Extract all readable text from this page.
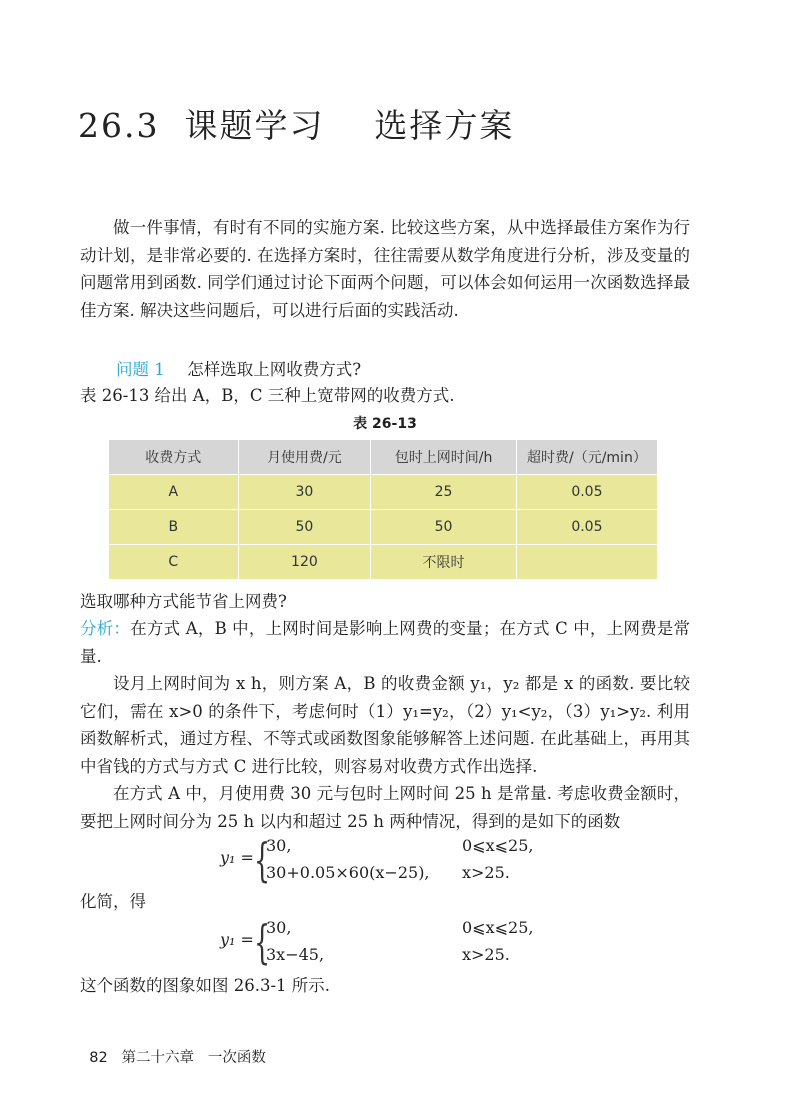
26.3  课题学习    选择方案

做一件事情，有时有不同的实施方案. 比较这些方案，从中选择最佳方案作为行动计划，是非常必要的. 在选择方案时，往往需要从数学角度进行分析，涉及变量的问题常用到函数. 同学们通过讨论下面两个问题，可以体会如何运用一次函数选择最佳方案. 解决这些问题后，可以进行后面的实践活动.

问题 1 怎样选取上网收费方式?
表 26-13 给出 A，B，C 三种上宽带网的收费方式.
表 26-13
收费方式	月使用费/元	包时上网时间/h	超时费/（元/min）
A	30	25	0.05
B	50	50	0.05
C	120	不限时	
选取哪种方式能节省上网费?

分析：在方式 A，B 中，上网时间是影响上网费的变量；在方式 C 中，上网费是常量.

设月上网时间为 x h，则方案 A，B 的收费金额 y₁，y₂ 都是 x 的函数. 要比较它们，需在 x>0 的条件下，考虑何时（1）y₁=y₂，（2）y₁<y₂，（3）y₁>y₂. 利用函数解析式，通过方程、不等式或函数图象能够解答上述问题. 在此基础上，再用其中省钱的方式与方式 C 进行比较，则容易对收费方式作出选择.

在方式 A 中，月使用费 30 元与包时上网时间 25 h 是常量. 考虑收费金额时，要把上网时间分为 25 h 以内和超过 25 h 两种情况，得到的是如下的函数

y₁ = {
30,	0⩽x⩽25,
30+0.05×60(x−25), x>25.
化简，得
y₁ = {
30,	0⩽x⩽25,
3x−45,	x>25.
这个函数的图象如图 26.3-1 所示.

82 第二十六章   一次函数
